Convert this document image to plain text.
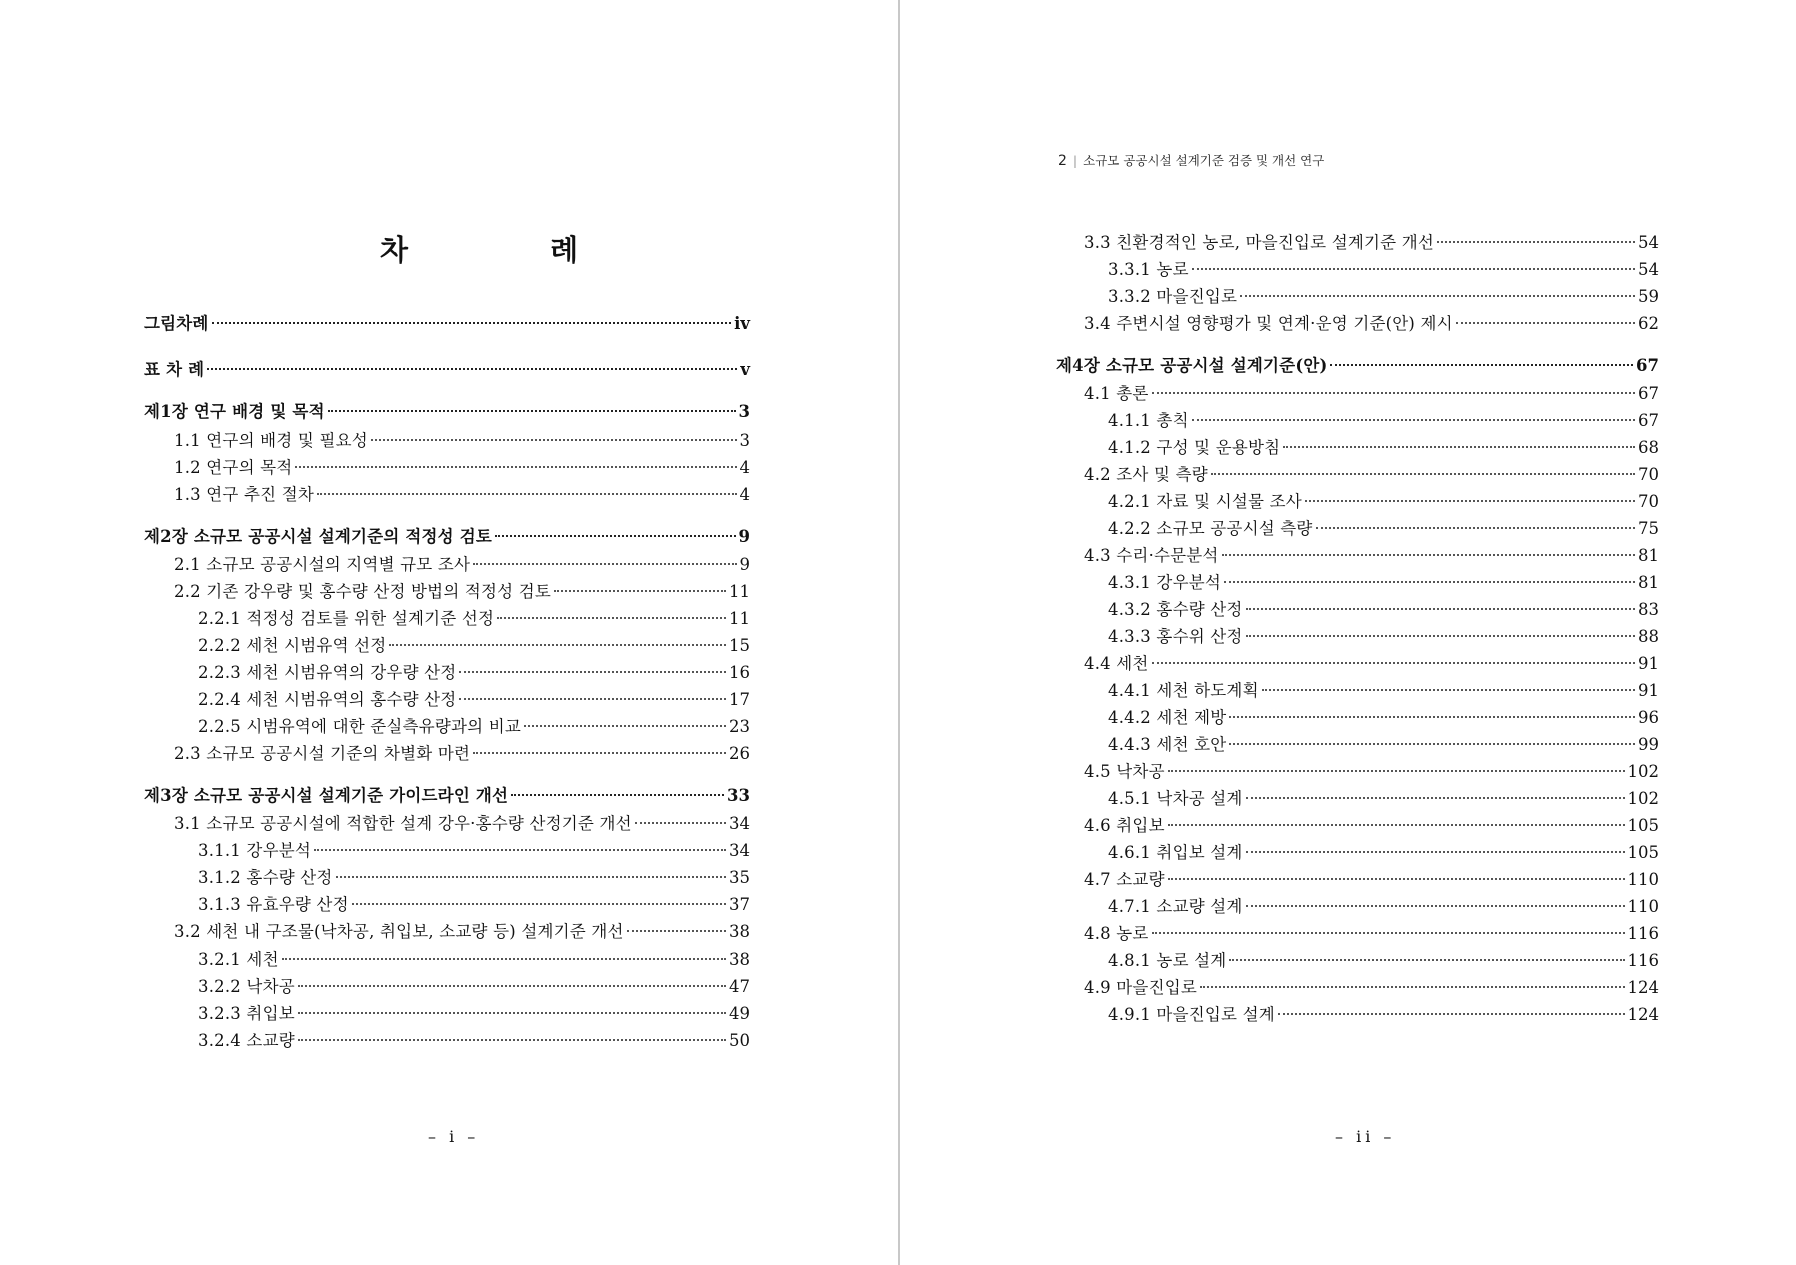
차 례
그림차례	iv
표 차 례	v
제1장 연구 배경 및 목적	3
1.1 연구의 배경 및 필요성	3
1.2 연구의 목적	4
1.3 연구 추진 절차	4
제2장 소규모 공공시설 설계기준의 적정성 검토	9
2.1 소규모 공공시설의 지역별 규모 조사	9
2.2 기존 강우량 및 홍수량 산정 방법의 적정성 검토	11
2.2.1 적정성 검토를 위한 설계기준 선정	11
2.2.2 세천 시범유역 선정	15
2.2.3 세천 시범유역의 강우량 산정	16
2.2.4 세천 시범유역의 홍수량 산정	17
2.2.5 시범유역에 대한 준실측유량과의 비교	23
2.3 소규모 공공시설 기준의 차별화 마련	26
제3장 소규모 공공시설 설계기준 가이드라인 개선	33
3.1 소규모 공공시설에 적합한 설계 강우·홍수량 산정기준 개선	34
3.1.1 강우분석	34
3.1.2 홍수량 산정	35
3.1.3 유효우량 산정	37
3.2 세천 내 구조물(낙차공, 취입보, 소교량 등) 설계기준 개선	38
3.2.1 세천	38
3.2.2 낙차공	47
3.2.3 취입보	49
3.2.4 소교량	50
– i –
2 | 소규모 공공시설 설계기준 검증 및 개선 연구
3.3 친환경적인 농로, 마을진입로 설계기준 개선	54
3.3.1 농로	54
3.3.2 마을진입로	59
3.4 주변시설 영향평가 및 연계·운영 기준(안) 제시	62
제4장 소규모 공공시설 설계기준(안)	67
4.1 총론	67
4.1.1 총칙	67
4.1.2 구성 및 운용방침	68
4.2 조사 및 측량	70
4.2.1 자료 및 시설물 조사	70
4.2.2 소규모 공공시설 측량	75
4.3 수리·수문분석	81
4.3.1 강우분석	81
4.3.2 홍수량 산정	83
4.3.3 홍수위 산정	88
4.4 세천	91
4.4.1 세천 하도계획	91
4.4.2 세천 제방	96
4.4.3 세천 호안	99
4.5 낙차공	102
4.5.1 낙차공 설계	102
4.6 취입보	105
4.6.1 취입보 설계	105
4.7 소교량	110
4.7.1 소교량 설계	110
4.8 농로	116
4.8.1 농로 설계	116
4.9 마을진입로	124
4.9.1 마을진입로 설계	124
– ii –
